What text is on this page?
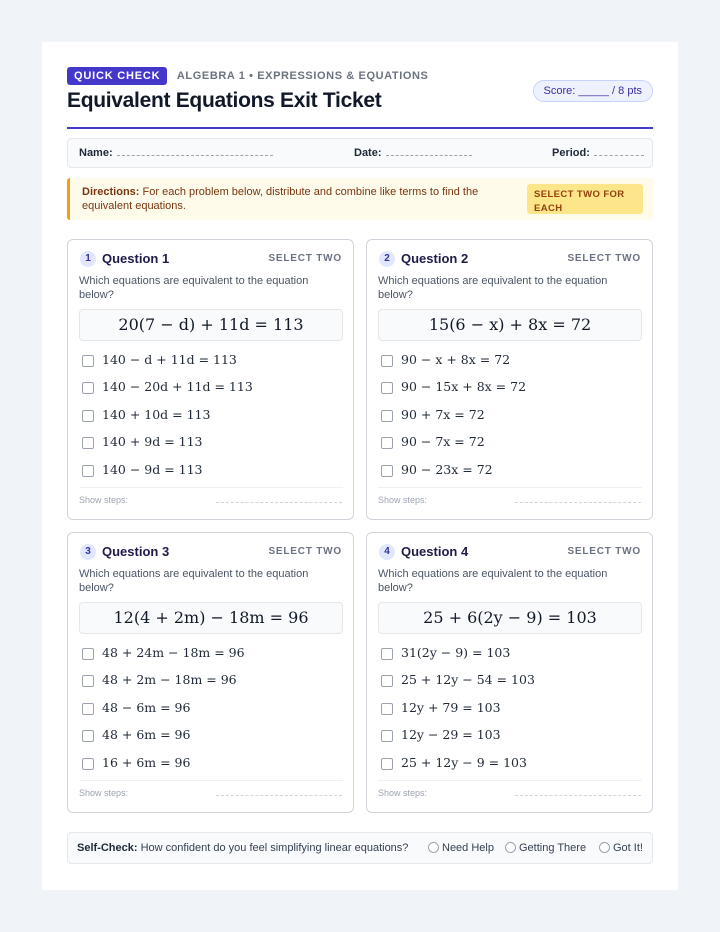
QUICK CHECK ALGEBRA 1 • EXPRESSIONS & EQUATIONS
Equivalent Equations Exit Ticket	Score: _____ / 8 pts
Name:	Date:	Period:
Directions: For each problem below, distribute and combine like terms to find the equivalent equations.
SELECT TWO FOR EACH
1 Question 1	SELECT TWO
Which equations are equivalent to the equation below?
20(7 − d) + 11d = 113
140 − d + 11d = 113
140 − 20d + 11d = 113
140 + 10d = 113
140 + 9d = 113
140 − 9d = 113
Show steps:
2 Question 2	SELECT TWO
Which equations are equivalent to the equation below?
15(6 − x) + 8x = 72
90 − x + 8x = 72
90 − 15x + 8x = 72
90 + 7x = 72
90 − 7x = 72
90 − 23x = 72
Show steps:
3 Question 3	SELECT TWO
Which equations are equivalent to the equation below?
12(4 + 2m) − 18m = 96
48 + 24m − 18m = 96
48 + 2m − 18m = 96
48 − 6m = 96
48 + 6m = 96
16 + 6m = 96
Show steps:
4 Question 4	SELECT TWO
Which equations are equivalent to the equation below?
25 + 6(2y − 9) = 103
31(2y − 9) = 103
25 + 12y − 54 = 103
12y + 79 = 103
12y − 29 = 103
25 + 12y − 9 = 103
Show steps:
Self-Check: How confident do you feel simplifying linear equations?	Need Help	Getting There	Got It!
